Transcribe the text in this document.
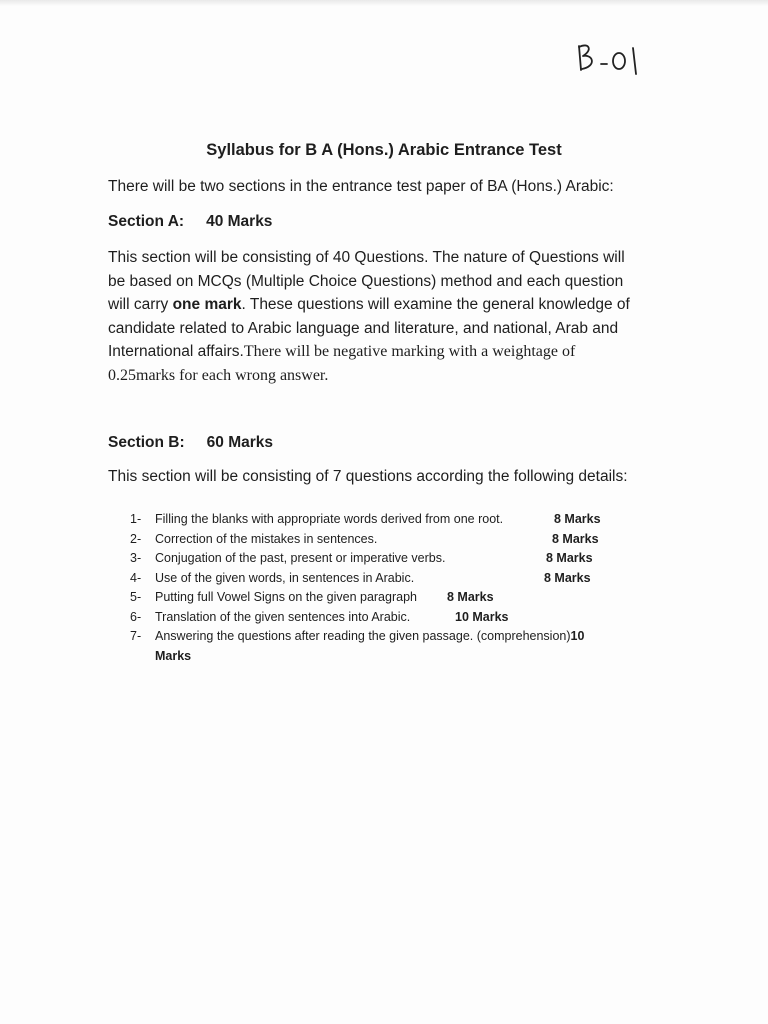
Syllabus for B A (Hons.) Arabic Entrance Test
There will be two sections in the entrance test paper of BA (Hons.) Arabic:
Section A: 40 Marks
This section will be consisting of 40 Questions. The nature of Questions will
be based on MCQs (Multiple Choice Questions) method and each question
will carry one mark. These questions will examine the general knowledge of
candidate related to Arabic language and literature, and national, Arab and
International affairs.There will be negative marking with a weightage of
0.25marks for each wrong answer.
Section B: 60 Marks
This section will be consisting of 7 questions according the following details:
1- Filling the blanks with appropriate words derived from one root.	8 Marks
2- Correction of the mistakes in sentences.	8 Marks
3- Conjugation of the past, present or imperative verbs.	8 Marks
4- Use of the given words, in sentences in Arabic.	8 Marks
5- Putting full Vowel Signs on the given paragraph 8 Marks
6- Translation of the given sentences into Arabic.	10 Marks
7- Answering the questions after reading the given passage. (comprehension)10
Marks
